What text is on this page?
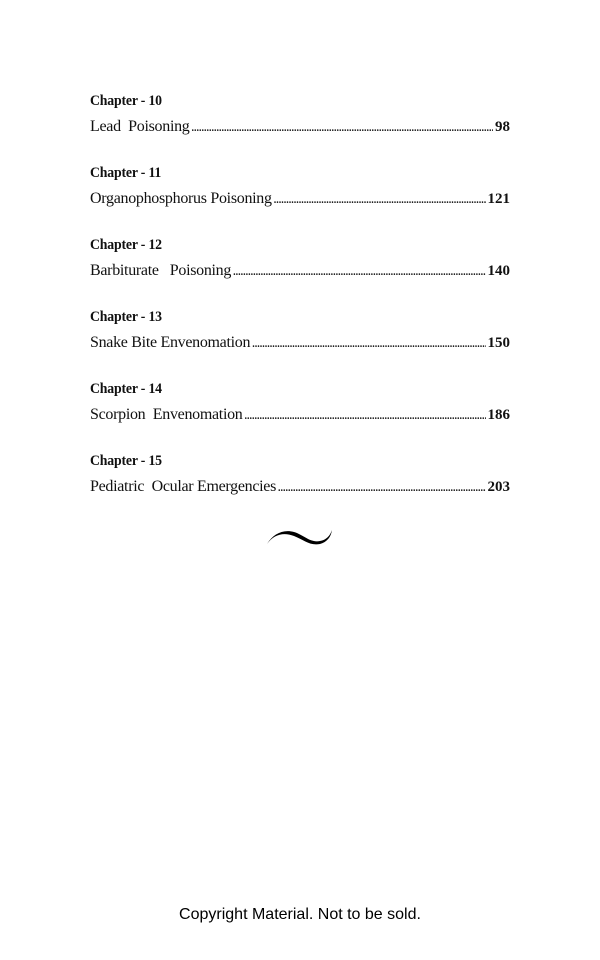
Chapter - 10
Lead  Poisoning .....	98
Chapter - 11
Organophosphorus Poisoning .....	121
Chapter - 12
Barbiturate   Poisoning .....	140
Chapter - 13
Snake Bite Envenomation .....	150
Chapter - 14
Scorpion  Envenomation .....	186
Chapter - 15
Pediatric  Ocular Emergencies .....	203
Copyright Material. Not to be sold.
